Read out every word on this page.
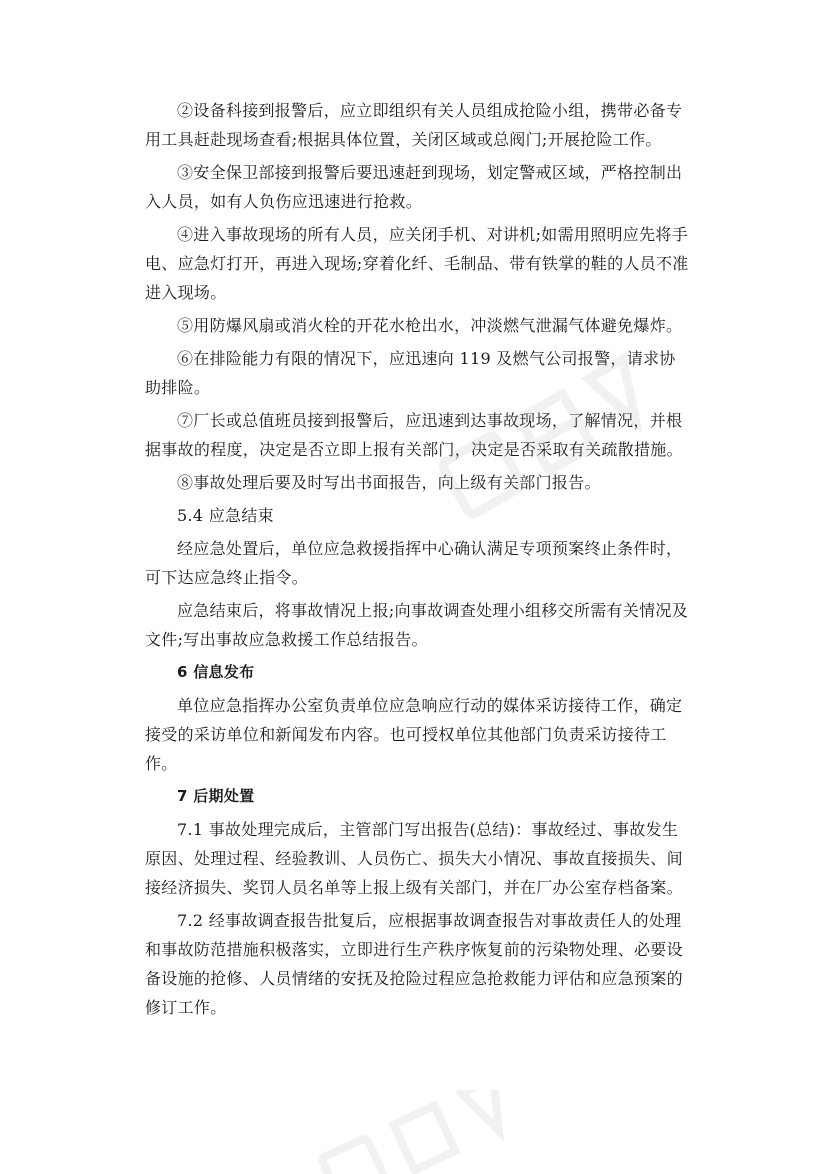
②设备科接到报警后，应立即组织有关人员组成抢险小组，携带必备专用工具赶赴现场查看;根据具体位置，关闭区域或总阀门;开展抢险工作。

③安全保卫部接到报警后要迅速赶到现场，划定警戒区域，严格控制出入人员，如有人负伤应迅速进行抢救。

④进入事故现场的所有人员，应关闭手机、对讲机;如需用照明应先将手电、应急灯打开，再进入现场;穿着化纤、毛制品、带有铁掌的鞋的人员不准进入现场。

⑤用防爆风扇或消火栓的开花水枪出水，冲淡燃气泄漏气体避免爆炸。

⑥在排险能力有限的情况下，应迅速向 119 及燃气公司报警，请求协助排险。

⑦厂长或总值班员接到报警后，应迅速到达事故现场，了解情况，并根据事故的程度，决定是否立即上报有关部门，决定是否采取有关疏散措施。

⑧事故处理后要及时写出书面报告，向上级有关部门报告。

5.4 应急结束

经应急处置后，单位应急救援指挥中心确认满足专项预案终止条件时，可下达应急终止指令。

应急结束后，将事故情况上报;向事故调查处理小组移交所需有关情况及文件;写出事故应急救援工作总结报告。

6 信息发布

单位应急指挥办公室负责单位应急响应行动的媒体采访接待工作，确定接受的采访单位和新闻发布内容。也可授权单位其他部门负责采访接待工作。

7 后期处置

7.1 事故处理完成后，主管部门写出报告(总结)：事故经过、事故发生原因、处理过程、经验教训、人员伤亡、损失大小情况、事故直接损失、间接经济损失、奖罚人员名单等上报上级有关部门，并在厂办公室存档备案。

7.2 经事故调查报告批复后，应根据事故调查报告对事故责任人的处理和事故防范措施积极落实，立即进行生产秩序恢复前的污染物处理、必要设备设施的抢修、人员情绪的安抚及抢险过程应急抢救能力评估和应急预案的修订工作。
